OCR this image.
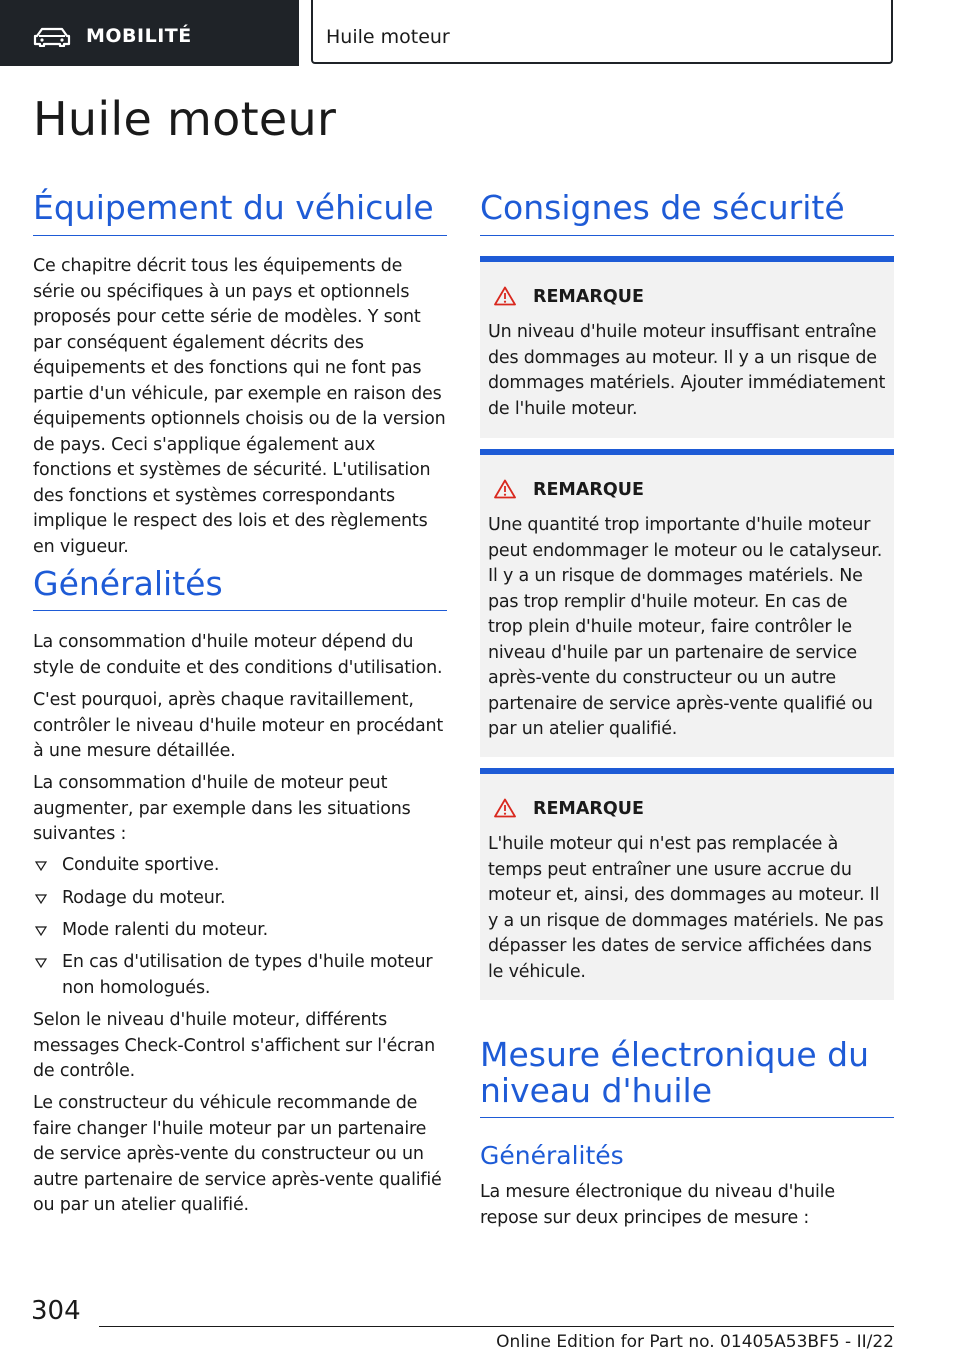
MOBILITÉ	Huile moteur
Huile moteur
Équipement du véhicule

Ce chapitre décrit tous les équipements de série ou spécifiques à un pays et optionnels proposés pour cette série de modèles. Y sont par conséquent également décrits des équipements et des fonctions qui ne font pas partie d'un véhicule, par exemple en raison des équipements optionnels choisis ou de la version de pays. Ceci s'applique également aux fonctions et systèmes de sécurité. L'utilisation des fonctions et systèmes correspondants implique le respect des lois et des règlements en vigueur.

Généralités

La consommation d'huile moteur dépend du style de conduite et des conditions d'utilisation.

C'est pourquoi, après chaque ravitaillement, contrôler le niveau d'huile moteur en procédant à une mesure détaillée.

La consommation d'huile de moteur peut augmenter, par exemple dans les situations suivantes :

Conduite sportive.
Rodage du moteur.
Mode ralenti du moteur.
En cas d'utilisation de types d'huile moteur non homologués.

Selon le niveau d'huile moteur, différents messages Check-Control s'affichent sur l'écran de contrôle.

Le constructeur du véhicule recommande de faire changer l'huile moteur par un partenaire de service après-vente du constructeur ou un autre partenaire de service après-vente qualifié ou par un atelier qualifié.

Consignes de sécurité
REMARQUE

Un niveau d'huile moteur insuffisant entraîne des dommages au moteur. Il y a un risque de dommages matériels. Ajouter immédiatement de l'huile moteur.

REMARQUE

Une quantité trop importante d'huile moteur peut endommager le moteur ou le catalyseur. Il y a un risque de dommages matériels. Ne pas trop remplir d'huile moteur. En cas de trop plein d'huile moteur, faire contrôler le niveau d'huile par un partenaire de service après-vente du constructeur ou un autre partenaire de service après-vente qualifié ou par un atelier qualifié.

REMARQUE

L'huile moteur qui n'est pas remplacée à temps peut entraîner une usure accrue du moteur et, ainsi, des dommages au moteur. Il y a un risque de dommages matériels. Ne pas dépasser les dates de service affichées dans le véhicule.

Mesure électronique du
niveau d'huile
Généralités

La mesure électronique du niveau d'huile repose sur deux principes de mesure :

304
Online Edition for Part no. 01405A53BF5 - II/22
